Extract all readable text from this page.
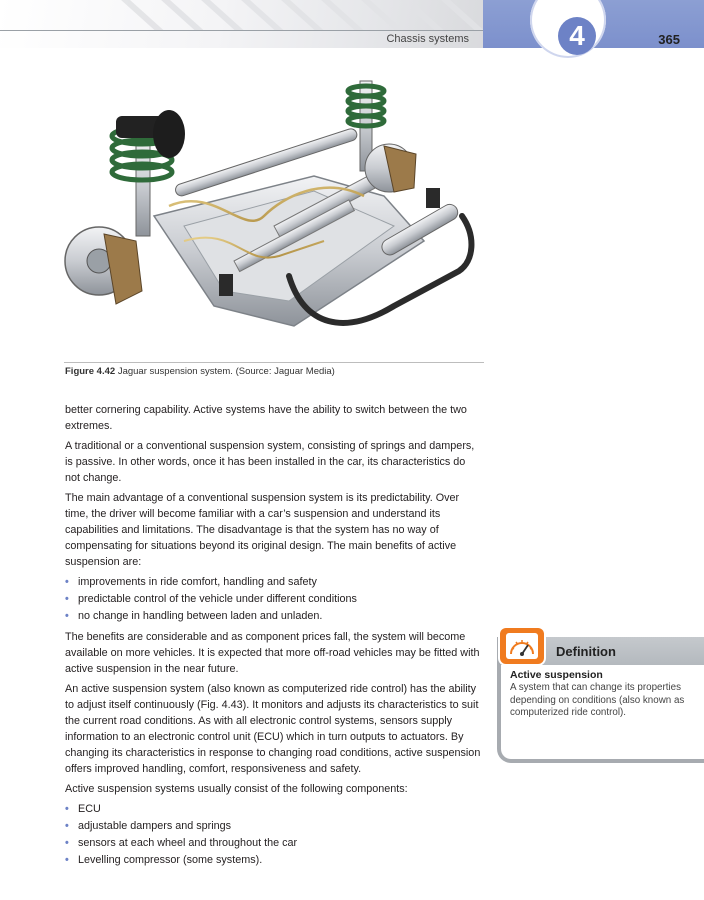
Chassis systems	4	365
Figure 4.42 Jaguar suspension system. (Source: Jaguar Media)

better cornering capability. Active systems have the ability to switch between the two extremes.

A traditional or a conventional suspension system, consisting of springs and dampers, is passive. In other words, once it has been installed in the car, its characteristics do not change.

The main advantage of a conventional suspension system is its predictability. Over time, the driver will become familiar with a car’s suspension and understand its capabilities and limitations. The disadvantage is that the system has no way of compensating for situations beyond its original design. The main benefits of active suspension are:

• improvements in ride comfort, handling and safety
• predictable control of the vehicle under different conditions
• no change in handling between laden and unladen.

The benefits are considerable and as component prices fall, the system will become available on more vehicles. It is expected that more off-road vehicles may be fitted with active suspension in the near future.

An active suspension system (also known as computerized ride control) has the ability to adjust itself continuously (Fig. 4.43). It monitors and adjusts its characteristics to suit the current road conditions. As with all electronic control systems, sensors supply information to an electronic control unit (ECU) which in turn outputs to actuators. By changing its characteristics in response to changing road conditions, active suspension offers improved handling, comfort, responsiveness and safety.

Active suspension systems usually consist of the following components:

• ECU
• adjustable dampers and springs
• sensors at each wheel and throughout the car
• Levelling compressor (some systems).
Definition
Active suspension
A system that can change its properties depending on conditions (also known as computerized ride control).
